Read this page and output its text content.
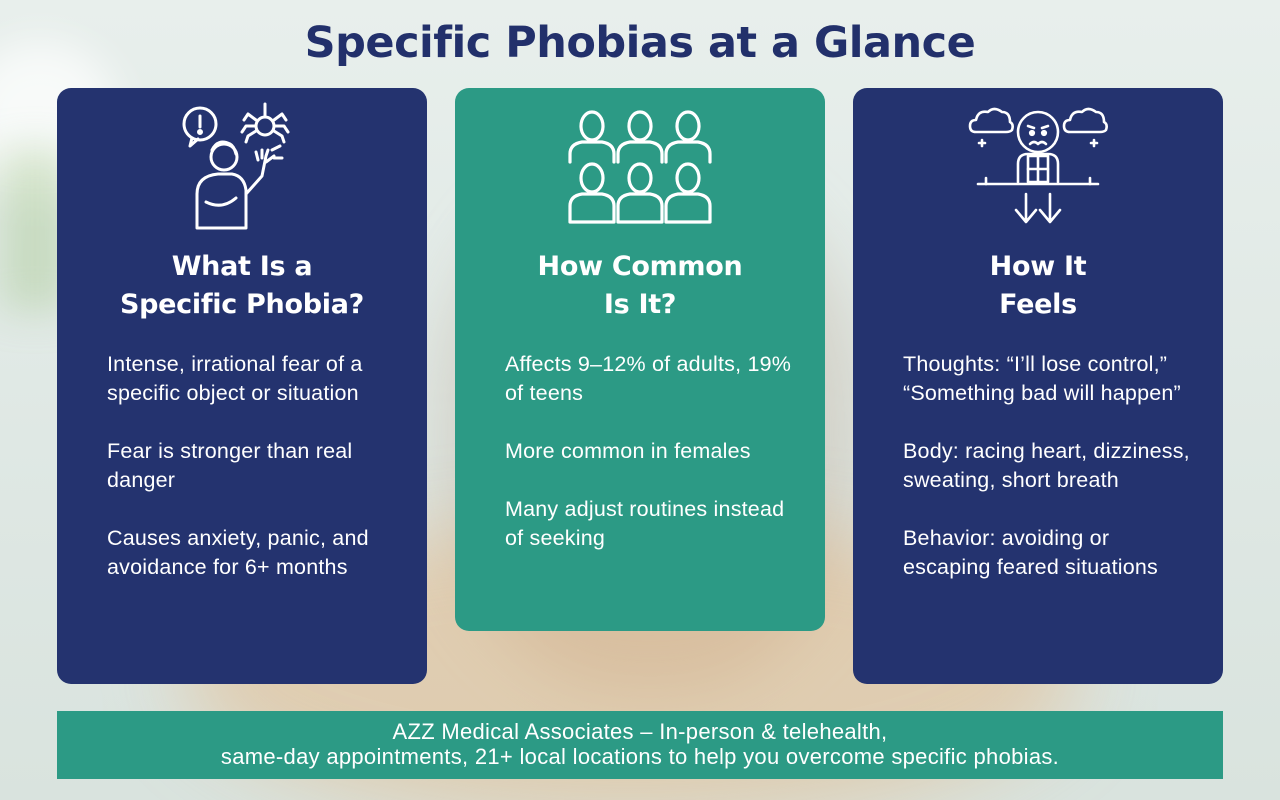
Specific Phobias at a Glance
What Is a
Specific Phobia?
Intense, irrational fear of a specific object or situation
Fear is stronger than real danger
Causes anxiety, panic, and avoidance for 6+ months
How Common
Is It?
Affects 9–12% of adults, 19% of teens
More common in females
Many adjust routines instead of seeking
How It
Feels
Thoughts: “I’ll lose control,” “Something bad will happen”
Body: racing heart, dizziness, sweating, short breath
Behavior: avoiding or escaping feared situations
AZZ Medical Associates – In-person & telehealth,
same-day appointments, 21+ local locations to help you overcome specific phobias.
